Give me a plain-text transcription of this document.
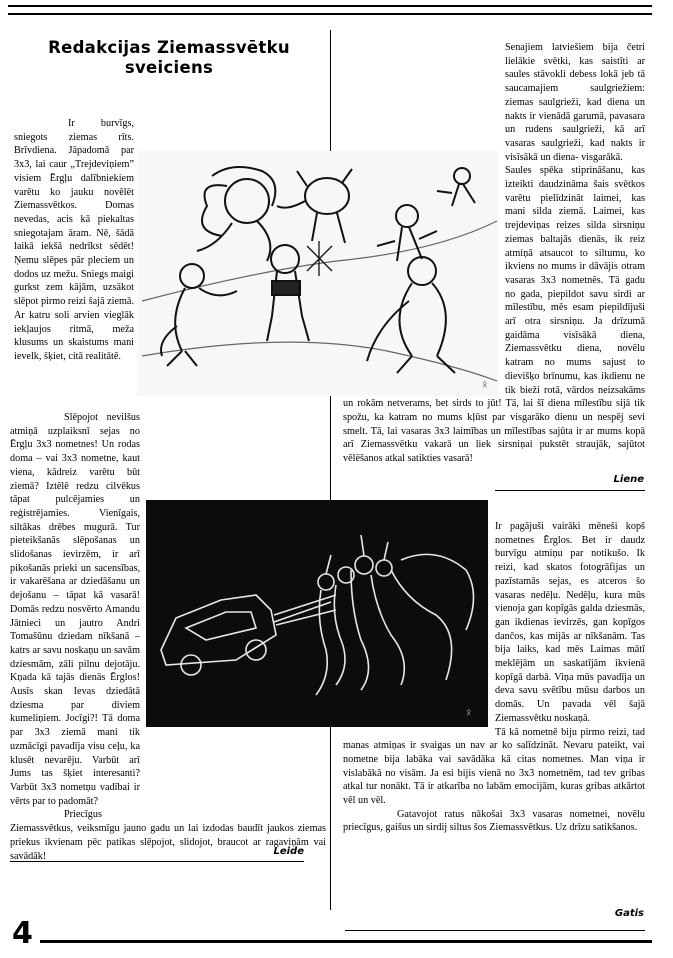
Redakcijas Ziemassvētku sveiciens

Ir burvīgs, sniegots ziemas rīts. Brīvdiena. Jāpadomā par 3x3, lai caur „Trejdeviņiem” visiem Ērgļu dalībniekiem varētu ko jauku novēlēt Ziemassvētkos. Domas nevedas, acis kā piekaltas sniegotajam āram. Nē, šādā laikā iekšā nedrīkst sēdēt! Ņemu slēpes pār pleciem un dodos uz mežu. Sniegs maigi gurkst zem kājām, uzsākot slēpot pirmo reizi šajā ziemā. Ar katru soli arvien vieglāk iekļaujos ritmā, meža klusums un skaistums mani ievelk, šķiet, citā realitātē.

Slēpojot nevilšus atmiņā uzplaiksnī sejas no Ērgļu 3x3 nometnes! Un rodas doma – vai 3x3 nometne, kaut viena, kādreiz varētu būt ziemā? Iztēlē redzu cilvēkus tāpat pulcējamies un reģistrējamies. Vienīgais, siltākas drēbes mugurā. Tur pieteikšanās slēpošanas un slidošanas ievirzēm, ir arī pikošanās prieki un sacensības, ir vakarēšana ar dziedāšanu un dejošanu – tāpat kā vasarā! Domās redzu nosvērto Amandu Jātnieci un jautro Andri Tomašūnu dziedam nīkšanā – katrs ar savu noskaņu un savām dziesmām, zāli pilnu dejotāju. Kņada kā tajās dienās Ērglos! Ausīs skan Ievas dziedātā dziesma par diviem kumeliņiem. Jocīgi?! Tā doma par 3x3 ziemā mani tik uzmācīgi pavadīja visu ceļu, ka klusēt nevarēju. Varbūt arī Jums tas šķiet interesanti? Varbūt 3x3 nometņu vadībai ir vērts par to padomāt?

Priecīgus Ziemassvētkus, veiksmīgu jauno gadu un lai izdodas baudīt jaukos ziemas priekus ikvienam pēc patikas slēpojot, slidojot, braucot ar ragaviņām vai savādāk!	Leide

Senajiem latviešiem bija četri lielākie svētki, kas saistīti ar saules stāvokli debess lokā jeb tā saucamajiem saulgriežiem: ziemas saulgrieži, kad diena un nakts ir vienādā garumā, pavasara un rudens saulgrieži, kā arī vasaras saulgrieži, kad nakts ir visīsākā un diena- visgarākā.

Saules spēka stiprināšanu, kas izteikti daudzināma šais svētkos varētu pielīdzināt laimei, kas mani silda ziemā. Laimei, kas trejdeviņas reizes silda sirsniņu ziemas baltajās dienās, ik reiz atmiņā atsaucot to siltumu, ko ikviens no mums ir dāvājis otram vasaras 3x3 nometnēs. Tā gadu no gada, piepildot savu sirdi ar mīlestību, mēs esam piepildījuši arī otra sirsniņu. Ja drīzumā gaidāma visīsākā diena, Ziemassvētku diena, novēlu katram no mums sajust to dievišķo brīnumu, kas ikdienu ne tik bieži rotā, vārdos neizsakāms un rokām netverams, bet sirds to jūt! Tā, lai šī diena mīlestību sijā tik spožu, ka katram no mums kļūst par visgarāko dienu un nespēj sevi smelt. Tā, lai vasaras 3x3 laimības un mīlestības sajūta ir ar mums kopā arī Ziemassvētku vakarā un liek sirsniņai pukstēt straujāk, sajūtot vēlēšanos atkal satikties vasarā!

Liene

Ir pagājuši vairāki mēneši kopš nometnes Ērglos. Bet ir daudz burvīgu atmiņu par notikušo. Ik reizi, kad skatos fotogrāfijas un pazīstamās sejas, es atceros šo vasaras nedēļu. Nedēļu, kura mūs vienoja gan kopīgās galda dziesmās, gan ikdienas ievirzēs, gan kopīgos dančos, kas mijās ar nīkšanām. Tas bija laiks, kad mēs Laimas mātī meklējām un saskatījām ikvienā kopīgā darbā. Viņa mūs pavadīja un deva savu svētību mūsu darbos un domās. Un pavada vēl šajā Ziemassvētku noskaņā.

Tā kā nometnē biju pirmo reizi, tad manas atmiņas ir svaigas un nav ar ko salīdzināt. Nevaru pateikt, vai nometne bija labāka vai savādāka kā citas nometnes. Man viņa ir vislabākā no visām. Ja esi bijis vienā no 3x3 nometnēm, tad tev gribas atkal tur nonākt. Tā ir atkarība no labām emocijām, kuras gribas atkārtot vēl un vēl.

Gatavojot ratus nākošai 3x3 vasaras nometnei, novēlu priecīgus, gaišus un sirdij siltus šos Ziemassvētkus. Uz drīzu satikšanos.

Gatis
ᛟ
ᛟ
4
